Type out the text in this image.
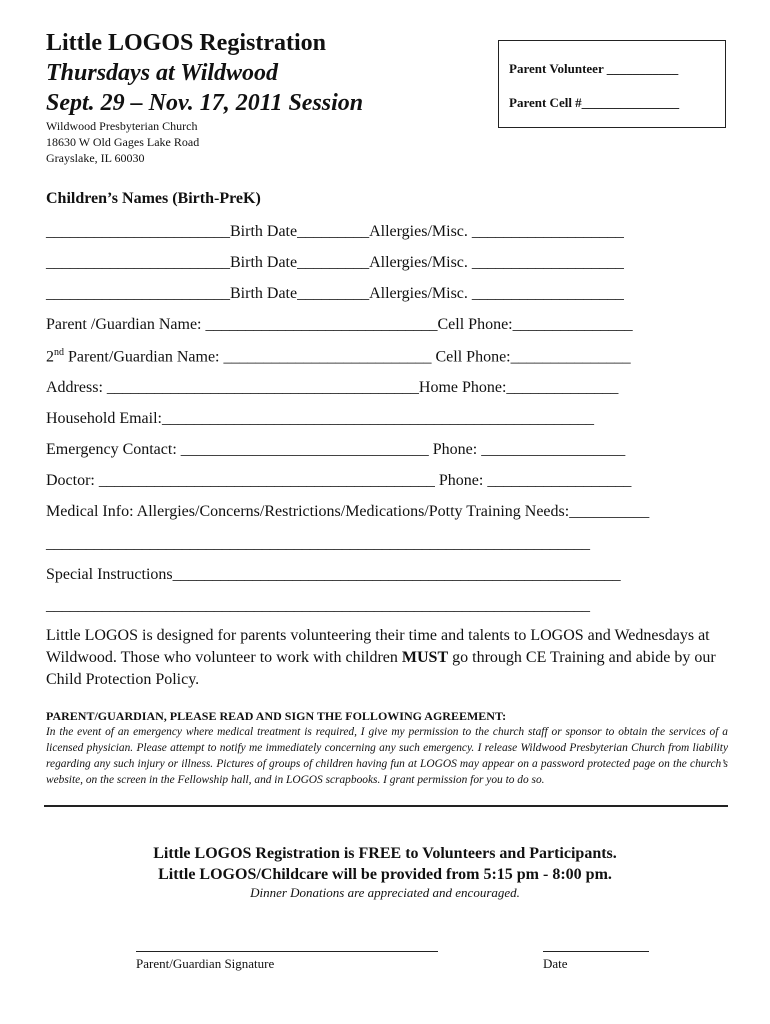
Little LOGOS Registration
Thursdays at Wildwood
Sept. 29 – Nov. 17, 2011 Session
Wildwood Presbyterian Church
18630 W Old Gages Lake Road
Grayslake, IL 60030
Parent Volunteer ___________
Parent Cell #_______________
Children’s Names (Birth-PreK)
_______________________Birth Date_________Allergies/Misc. ___________________
_______________________Birth Date_________Allergies/Misc. ___________________
_______________________Birth Date_________Allergies/Misc. ___________________
Parent /Guardian Name: _____________________________Cell Phone:_______________
2nd Parent/Guardian Name: __________________________ Cell Phone:_______________
Address: _______________________________________Home Phone:______________
Household Email:______________________________________________________
Emergency Contact: _______________________________ Phone: __________________
Doctor: __________________________________________ Phone: __________________
Medical Info: Allergies/Concerns/Restrictions/Medications/Potty Training Needs:__________
____________________________________________________________________
Special Instructions________________________________________________________
____________________________________________________________________
Little LOGOS is designed for parents volunteering their time and talents to LOGOS and Wednesdays at Wildwood. Those who volunteer to work with children MUST go through CE Training and abide by our Child Protection Policy.
PARENT/GUARDIAN, PLEASE READ AND SIGN THE FOLLOWING AGREEMENT:
In the event of an emergency where medical treatment is required, I give my permission to the church staff or sponsor to obtain the services of a licensed physician. Please attempt to notify me immediately concerning any such emergency. I release Wildwood Presbyterian Church from liability regarding any such injury or illness. Pictures of groups of children having fun at LOGOS may appear on a password protected page on the church’s website, on the screen in the Fellowship hall, and in LOGOS scrapbooks. I grant permission for you to do so.
Little LOGOS Registration is FREE to Volunteers and Participants.
Little LOGOS/Childcare will be provided from 5:15 pm - 8:00 pm.
Dinner Donations are appreciated and encouraged.
Parent/Guardian Signature	Date
